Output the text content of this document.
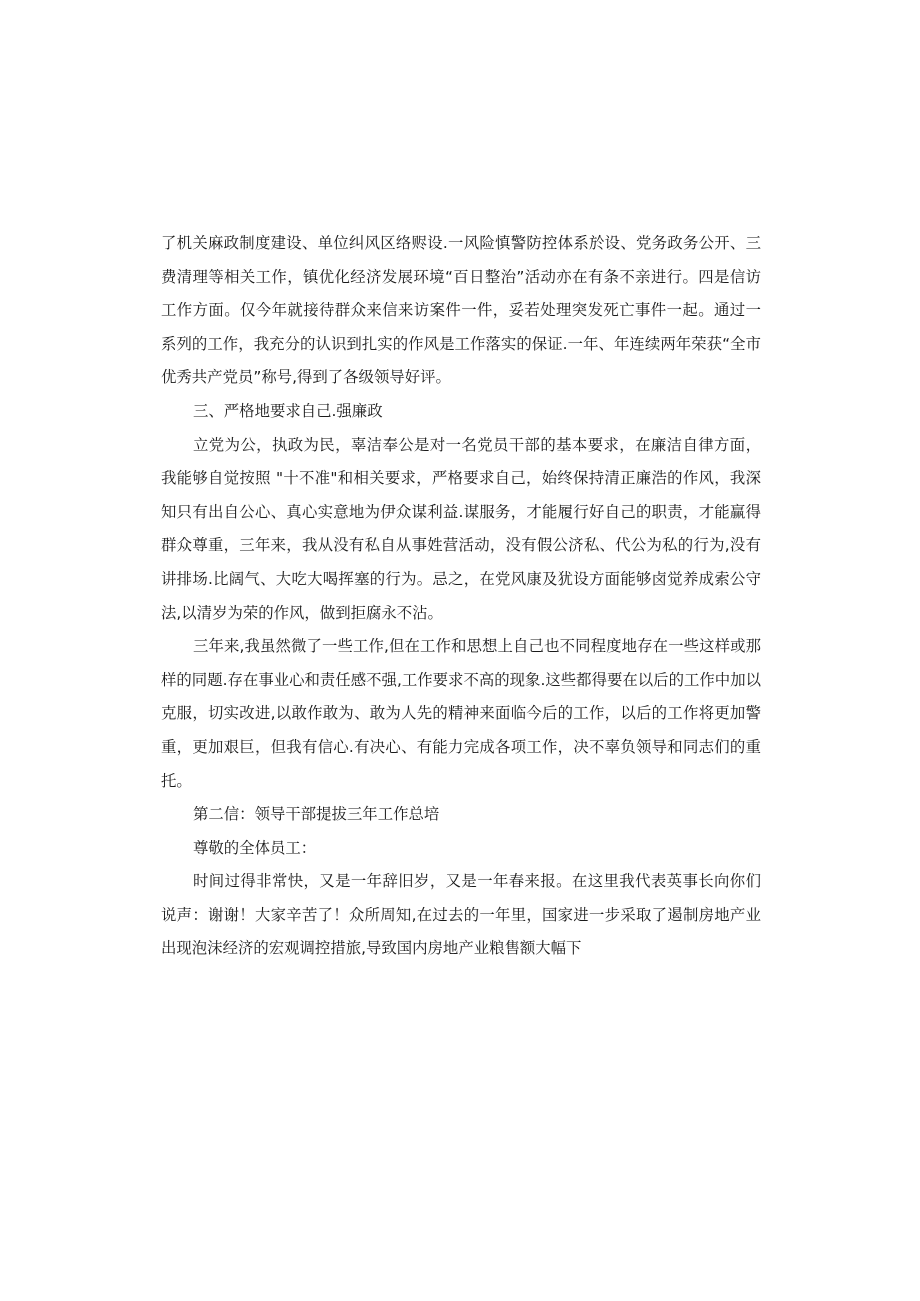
了机关麻政制度建设、单位纠风区络赆设.一风险慎警防控体系於设、党务政务公开、三费清理等相关工作，镇优化经济发展环境“百日整治”活动亦在有条不亲进行。四是信访工作方面。仅今年就接待群众来信来访案件一件，妥若处理突发死亡事件一起。通过一系列的工作，我充分的认识到扎实的作风是工作落实的保证.一年、年连续两年荣获“全市优秀共产党员”称号,得到了各级领导好评。

三、严格地要求自己.强廉政

立党为公，执政为民，辜洁奉公是对一名党员干部的基本要求，在廉洁自律方面，我能够自觉按照 "十不准"和相关要求，严格要求自己，始终保持清正廉浩的作风，我深知只有出自公心、真心实意地为伊众谋利益.谋服务，才能履行好自己的职责，才能赢得群众尊重，三年来，我从没有私自从事姓营活动，没有假公济私、代公为私的行为,没有讲排场.比阔气、大吃大喝挥塞的行为。忌之，在党风康及犹设方面能够卤觉养成索公守法,以清岁为荣的作风，做到拒腐永不沾。

三年来,我虽然微了一些工作,但在工作和思想上自己也不同程度地存在一些这样或那样的同题.存在事业心和责任感不强,工作要求不高的现象.这些都得要在以后的工作中加以克服，切实改进,以敢作敢为、敢为人先的精神来面临今后的工作，以后的工作将更加警重，更加艰巨，但我有信心.有决心、有能力完成各项工作，决不辜负领导和同志们的重托。

第二信：领导干部提拔三年工作总培

尊敬的全体员工：

时间过得非常快，又是一年辞旧岁，又是一年春来报。在这里我代表英事长向你们说声：谢谢！大家辛苦了！众所周知,在过去的一年里，国家进一步采取了遏制房地产业出现泡沫经济的宏观调控措旅,导致国内房地产业粮售额大幅下
